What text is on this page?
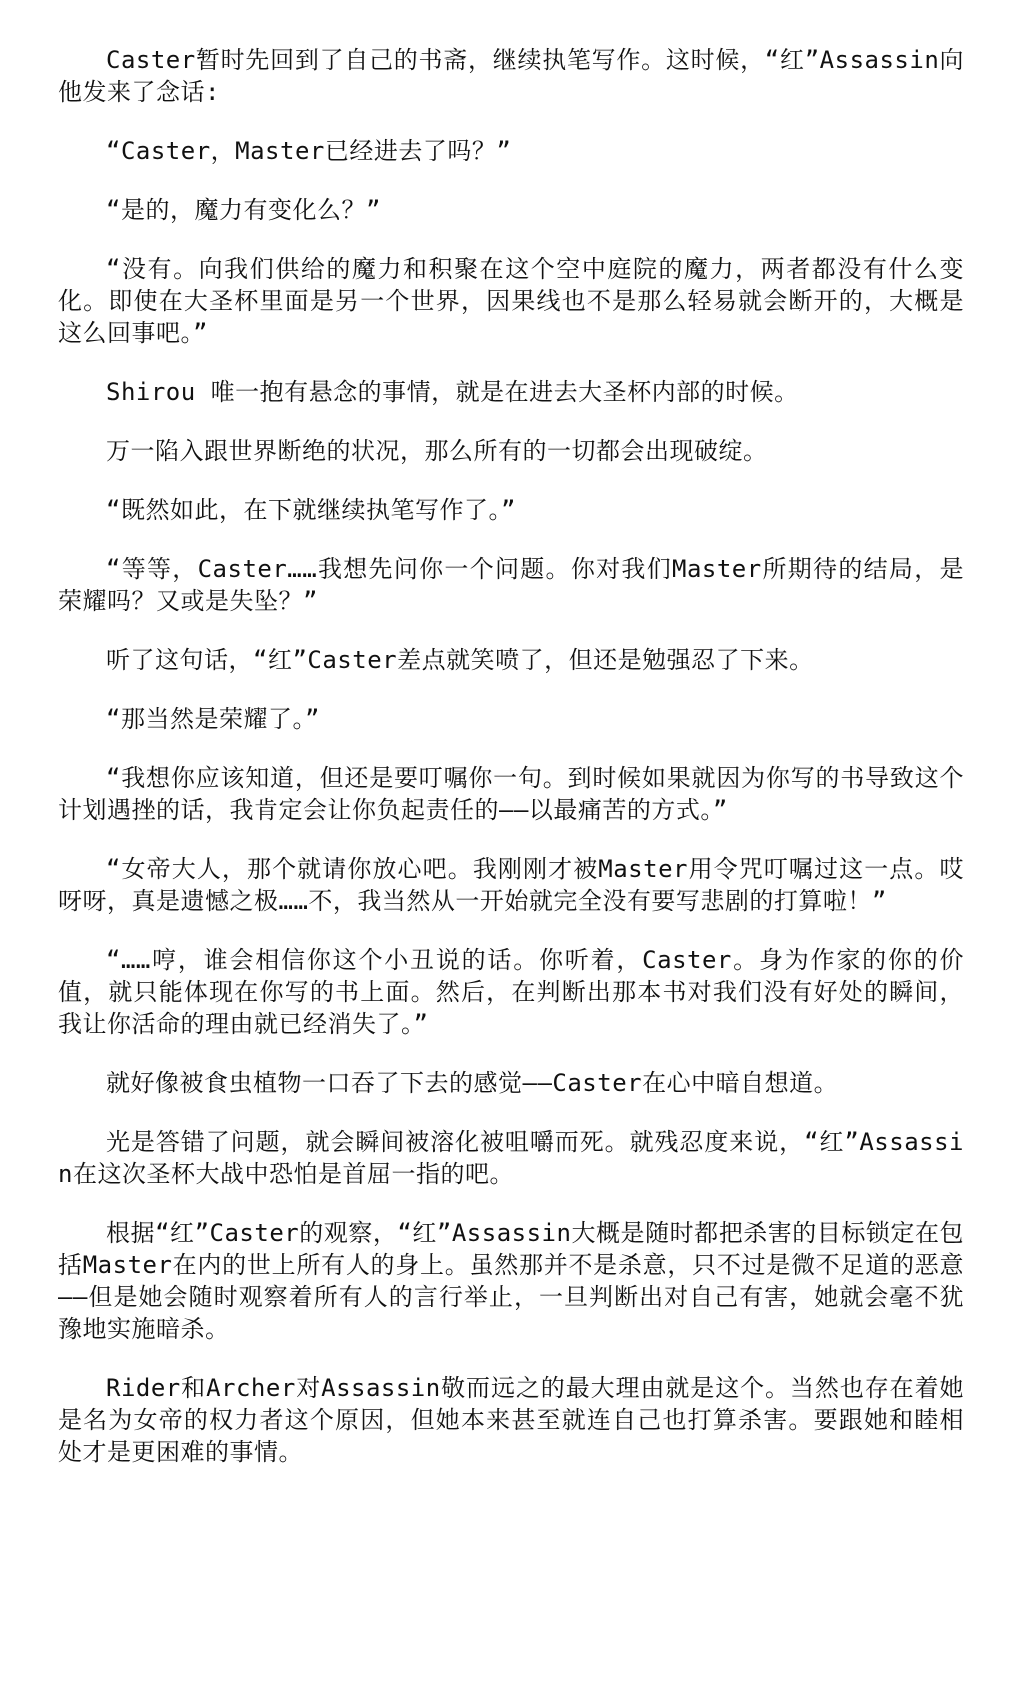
Caster暂时先回到了自己的书斋，继续执笔写作。这时候，“红”Assassin向他发来了念话:

“Caster，Master已经进去了吗？”

“是的，魔力有变化么？”

“没有。向我们供给的魔力和积聚在这个空中庭院的魔力，两者都没有什么变化。即使在大圣杯里面是另一个世界，因果线也不是那么轻易就会断开的，大概是这么回事吧。”

Shirou 唯一抱有悬念的事情，就是在进去大圣杯内部的时候。

万一陷入跟世界断绝的状况，那么所有的一切都会出现破绽。

“既然如此，在下就继续执笔写作了。”

“等等，Caster……我想先问你一个问题。你对我们Master所期待的结局，是荣耀吗？又或是失坠？”

听了这句话，“红”Caster差点就笑喷了，但还是勉强忍了下来。

“那当然是荣耀了。”

“我想你应该知道，但还是要叮嘱你一句。到时候如果就因为你写的书导致这个计划遇挫的话，我肯定会让你负起责任的——以最痛苦的方式。”

“女帝大人，那个就请你放心吧。我刚刚才被Master用令咒叮嘱过这一点。哎呀呀，真是遗憾之极……不，我当然从一开始就完全没有要写悲剧的打算啦！”

“……哼，谁会相信你这个小丑说的话。你听着，Caster。身为作家的你的价值，就只能体现在你写的书上面。然后，在判断出那本书对我们没有好处的瞬间，我让你活命的理由就已经消失了。”

就好像被食虫植物一口吞了下去的感觉——Caster在心中暗自想道。

光是答错了问题，就会瞬间被溶化被咀嚼而死。就残忍度来说，“红”Assassin在这次圣杯大战中恐怕是首屈一指的吧。

根据“红”Caster的观察，“红”Assassin大概是随时都把杀害的目标锁定在包括Master在内的世上所有人的身上。虽然那并不是杀意，只不过是微不足道的恶意——但是她会随时观察着所有人的言行举止，一旦判断出对自己有害，她就会毫不犹豫地实施暗杀。

Rider和Archer对Assassin敬而远之的最大理由就是这个。当然也存在着她是名为女帝的权力者这个原因，但她本来甚至就连自己也打算杀害。要跟她和睦相处才是更困难的事情。
